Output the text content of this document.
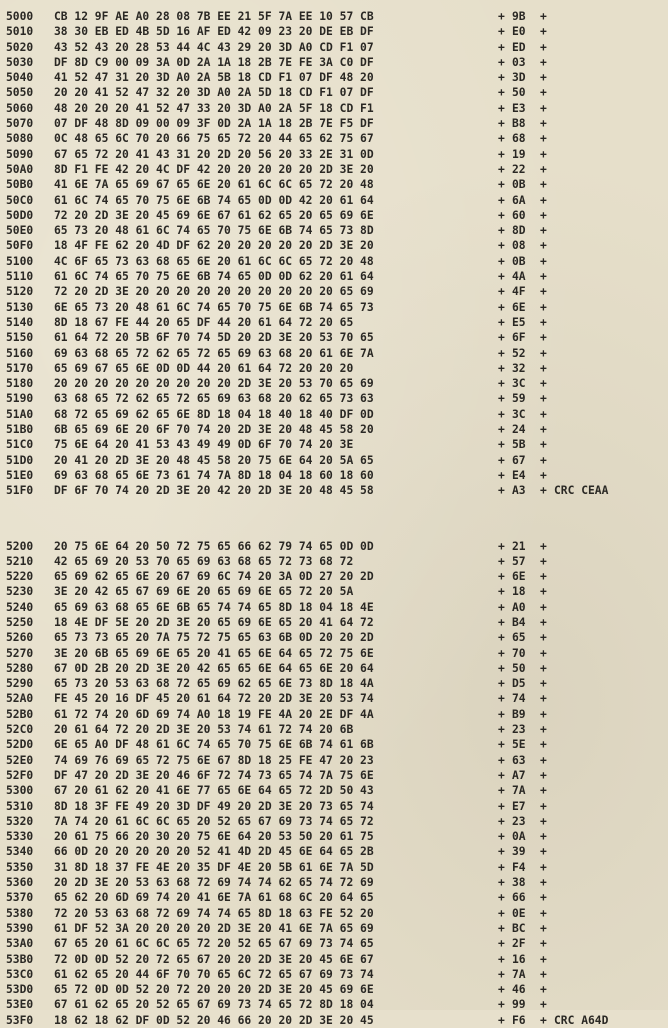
5000	CB 12 9F AE A0 28 08 7B EE 21 5F 7A EE 10 57 CB	+ 9B	+
5010	38 30 EB ED 4B 5D 16 AF ED 42 09 23 20 DE EB DF	+ E0	+
5020	43 52 43 20 28 53 44 4C 43 29 20 3D A0 CD F1 07	+ ED	+
5030	DF 8D C9 00 09 3A 0D 2A 1A 18 2B 7E FE 3A C0 DF	+ 03	+
5040	41 52 47 31 20 3D A0 2A 5B 18 CD F1 07 DF 48 20	+ 3D	+
5050	20 20 41 52 47 32 20 3D A0 2A 5D 18 CD F1 07 DF	+ 50	+
5060	48 20 20 20 41 52 47 33 20 3D A0 2A 5F 18 CD F1	+ E3	+
5070	07 DF 48 8D 09 00 09 3F 0D 2A 1A 18 2B 7E F5 DF	+ B8	+
5080	0C 48 65 6C 70 20 66 75 65 72 20 44 65 62 75 67	+ 68	+
5090	67 65 72 20 41 43 31 20 2D 20 56 20 33 2E 31 0D	+ 19	+
50A0	8D F1 FE 42 20 4C DF 42 20 20 20 20 20 2D 3E 20	+ 22	+
50B0	41 6E 7A 65 69 67 65 6E 20 61 6C 6C 65 72 20 48	+ 0B	+
50C0	61 6C 74 65 70 75 6E 6B 74 65 0D 0D 42 20 61 64	+ 6A	+
50D0	72 20 2D 3E 20 45 69 6E 67 61 62 65 20 65 69 6E	+ 60	+
50E0	65 73 20 48 61 6C 74 65 70 75 6E 6B 74 65 73 8D	+ 8D	+
50F0	18 4F FE 62 20 4D DF 62 20 20 20 20 20 2D 3E 20	+ 08	+
5100	4C 6F 65 73 63 68 65 6E 20 61 6C 6C 65 72 20 48	+ 0B	+
5110	61 6C 74 65 70 75 6E 6B 74 65 0D 0D 62 20 61 64	+ 4A	+
5120	72 20 2D 3E 20 20 20 20 20 20 20 20 20 20 65 69	+ 4F	+
5130	6E 65 73 20 48 61 6C 74 65 70 75 6E 6B 74 65 73	+ 6E	+
5140	8D 18 67 FE 44 20 65 DF 44 20 61 64 72 20 65	+ E5	+
5150	61 64 72 20 5B 6F 70 74 5D 20 2D 3E 20 53 70 65	+ 6F	+
5160	69 63 68 65 72 62 65 72 65 69 63 68 20 61 6E 7A	+ 52	+
5170	65 69 67 65 6E 0D 0D 44 20 61 64 72 20 20 20	+ 32	+
5180	20 20 20 20 20 20 20 20 20 2D 3E 20 53 70 65 69	+ 3C	+
5190	63 68 65 72 62 65 72 65 69 63 68 20 62 65 73 63	+ 59	+
51A0	68 72 65 69 62 65 6E 8D 18 04 18 40 18 40 DF 0D	+ 3C	+
51B0	6B 65 69 6E 20 6F 70 74 20 2D 3E 20 48 45 58 20	+ 24	+
51C0	75 6E 64 20 41 53 43 49 49 0D 6F 70 74 20 3E	+ 5B	+
51D0	20 41 20 2D 3E 20 48 45 58 20 75 6E 64 20 5A 65	+ 67	+
51E0	69 63 68 65 6E 73 61 74 7A 8D 18 04 18 60 18 60	+ E4	+
51F0	DF 6F 70 74 20 2D 3E 20 42 20 2D 3E 20 48 45 58	+ A3	+ CRC CEAA
5200	20 75 6E 64 20 50 72 75 65 66 62 79 74 65 0D 0D	+ 21	+
5210	42 65 69 20 53 70 65 69 63 68 65 72 73 68 72	+ 57	+
5220	65 69 62 65 6E 20 67 69 6C 74 20 3A 0D 27 20 2D	+ 6E	+
5230	3E 20 42 65 67 69 6E 20 65 69 6E 65 72 20 5A	+ 18	+
5240	65 69 63 68 65 6E 6B 65 74 74 65 8D 18 04 18 4E	+ A0	+
5250	18 4E DF 5E 20 2D 3E 20 65 69 6E 65 20 41 64 72	+ B4	+
5260	65 73 73 65 20 7A 75 72 75 65 63 6B 0D 20 20 2D	+ 65	+
5270	3E 20 6B 65 69 6E 65 20 41 65 6E 64 65 72 75 6E	+ 70	+
5280	67 0D 2B 20 2D 3E 20 42 65 65 6E 64 65 6E 20 64	+ 50	+
5290	65 73 20 53 63 68 72 65 69 62 65 6E 73 8D 18 4A	+ D5	+
52A0	FE 45 20 16 DF 45 20 61 64 72 20 2D 3E 20 53 74	+ 74	+
52B0	61 72 74 20 6D 69 74 A0 18 19 FE 4A 20 2E DF 4A	+ B9	+
52C0	20 61 64 72 20 2D 3E 20 53 74 61 72 74 20 6B	+ 23	+
52D0	6E 65 A0 DF 48 61 6C 74 65 70 75 6E 6B 74 61 6B	+ 5E	+
52E0	74 69 76 69 65 72 75 6E 67 8D 18 25 FE 47 20 23	+ 63	+
52F0	DF 47 20 2D 3E 20 46 6F 72 74 73 65 74 7A 75 6E	+ A7	+
5300	67 20 61 62 20 41 6E 77 65 6E 64 65 72 2D 50 43	+ 7A	+
5310	8D 18 3F FE 49 20 3D DF 49 20 2D 3E 20 73 65 74	+ E7	+
5320	7A 74 20 61 6C 6C 65 20 52 65 67 69 73 74 65 72	+ 23	+
5330	20 61 75 66 20 30 20 75 6E 64 20 53 50 20 61 75	+ 0A	+
5340	66 0D 20 20 20 20 20 52 41 4D 2D 45 6E 64 65 2B	+ 39	+
5350	31 8D 18 37 FE 4E 20 35 DF 4E 20 5B 61 6E 7A 5D	+ F4	+
5360	20 2D 3E 20 53 63 68 72 69 74 74 62 65 74 72 69	+ 38	+
5370	65 62 20 6D 69 74 20 41 6E 7A 61 68 6C 20 64 65	+ 66	+
5380	72 20 53 63 68 72 69 74 74 65 8D 18 63 FE 52 20	+ 0E	+
5390	61 DF 52 3A 20 20 20 20 2D 3E 20 41 6E 7A 65 69	+ BC	+
53A0	67 65 20 61 6C 6C 65 72 20 52 65 67 69 73 74 65	+ 2F	+
53B0	72 0D 0D 52 20 72 65 67 20 20 2D 3E 20 45 6E 67	+ 16	+
53C0	61 62 65 20 44 6F 70 70 65 6C 72 65 67 69 73 74	+ 7A	+
53D0	65 72 0D 0D 52 20 72 20 20 20 2D 3E 20 45 69 6E	+ 46	+
53E0	67 61 62 65 20 52 65 67 69 73 74 65 72 8D 18 04	+ 99	+
53F0	18 62 18 62 DF 0D 52 20 46 66 20 20 2D 3E 20 45	+ F6	+ CRC A64D
